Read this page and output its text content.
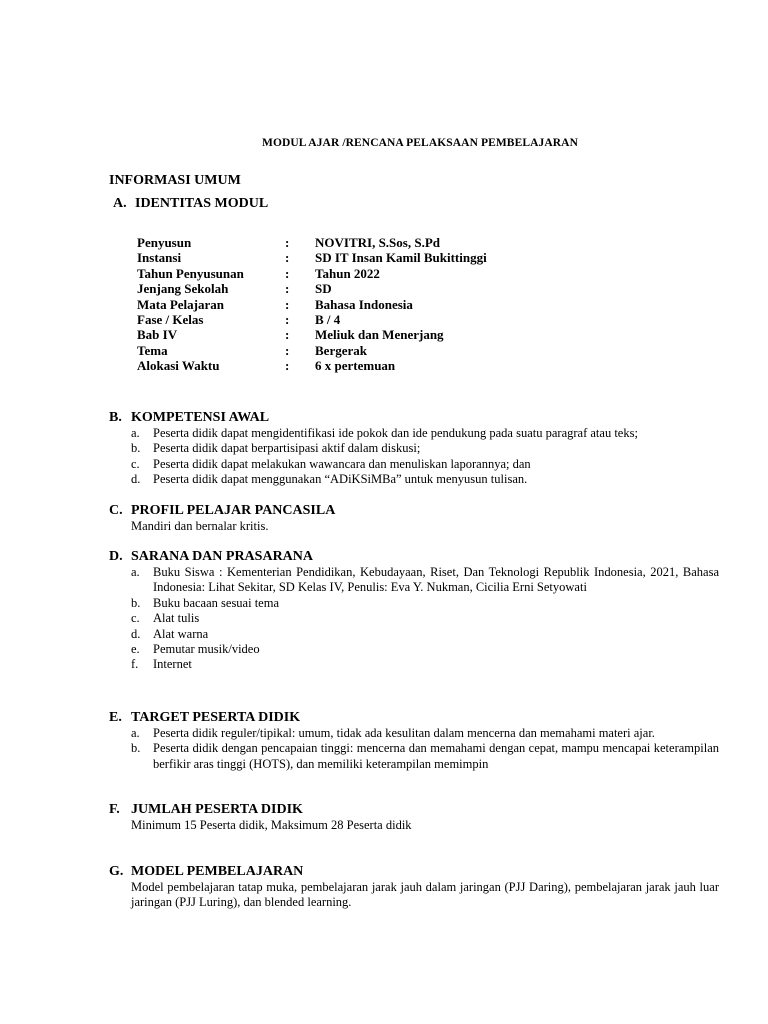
MODUL AJAR /RENCANA PELAKSAAN PEMBELAJARAN
INFORMASI UMUM
A. IDENTITAS MODUL
Penyusun	:	NOVITRI, S.Sos, S.Pd
Instansi	:	SD IT Insan Kamil Bukittinggi
Tahun Penyusunan	:	Tahun 2022
Jenjang Sekolah	:	SD
Mata Pelajaran	:	Bahasa Indonesia
Fase / Kelas	:	B / 4
Bab IV	:	Meliuk dan Menerjang
Tema	:	Bergerak
Alokasi Waktu	:	6 x pertemuan
B. KOMPETENSI AWAL
a.	Peserta didik dapat mengidentifikasi ide pokok dan ide pendukung pada suatu paragraf atau teks;
b.	Peserta didik dapat berpartisipasi aktif dalam diskusi;
c.	Peserta didik dapat melakukan wawancara dan menuliskan laporannya; dan
d.	Peserta didik dapat menggunakan “ADiKSiMBa” untuk menyusun tulisan.
C. PROFIL PELAJAR PANCASILA
Mandiri dan bernalar kritis.
D. SARANA DAN PRASARANA
a.	Buku Siswa : Kementerian Pendidikan, Kebudayaan, Riset, Dan Teknologi Republik Indonesia, 2021, Bahasa Indonesia: Lihat Sekitar, SD Kelas IV, Penulis: Eva Y. Nukman, Cicilia Erni Setyowati
b.	Buku bacaan sesuai tema
c.	Alat tulis
d.	Alat warna
e.	Pemutar musik/video
f.	Internet
E. TARGET PESERTA DIDIK
a.	Peserta didik reguler/tipikal: umum, tidak ada kesulitan dalam mencerna dan memahami materi ajar.
b.	Peserta didik dengan pencapaian tinggi: mencerna dan memahami dengan cepat, mampu mencapai keterampilan berfikir aras tinggi (HOTS), dan memiliki keterampilan memimpin
F. JUMLAH PESERTA DIDIK
Minimum 15 Peserta didik, Maksimum 28 Peserta didik
G. MODEL PEMBELAJARAN
Model pembelajaran tatap muka, pembelajaran jarak jauh dalam jaringan (PJJ Daring), pembelajaran jarak jauh luar jaringan (PJJ Luring), dan blended learning.
